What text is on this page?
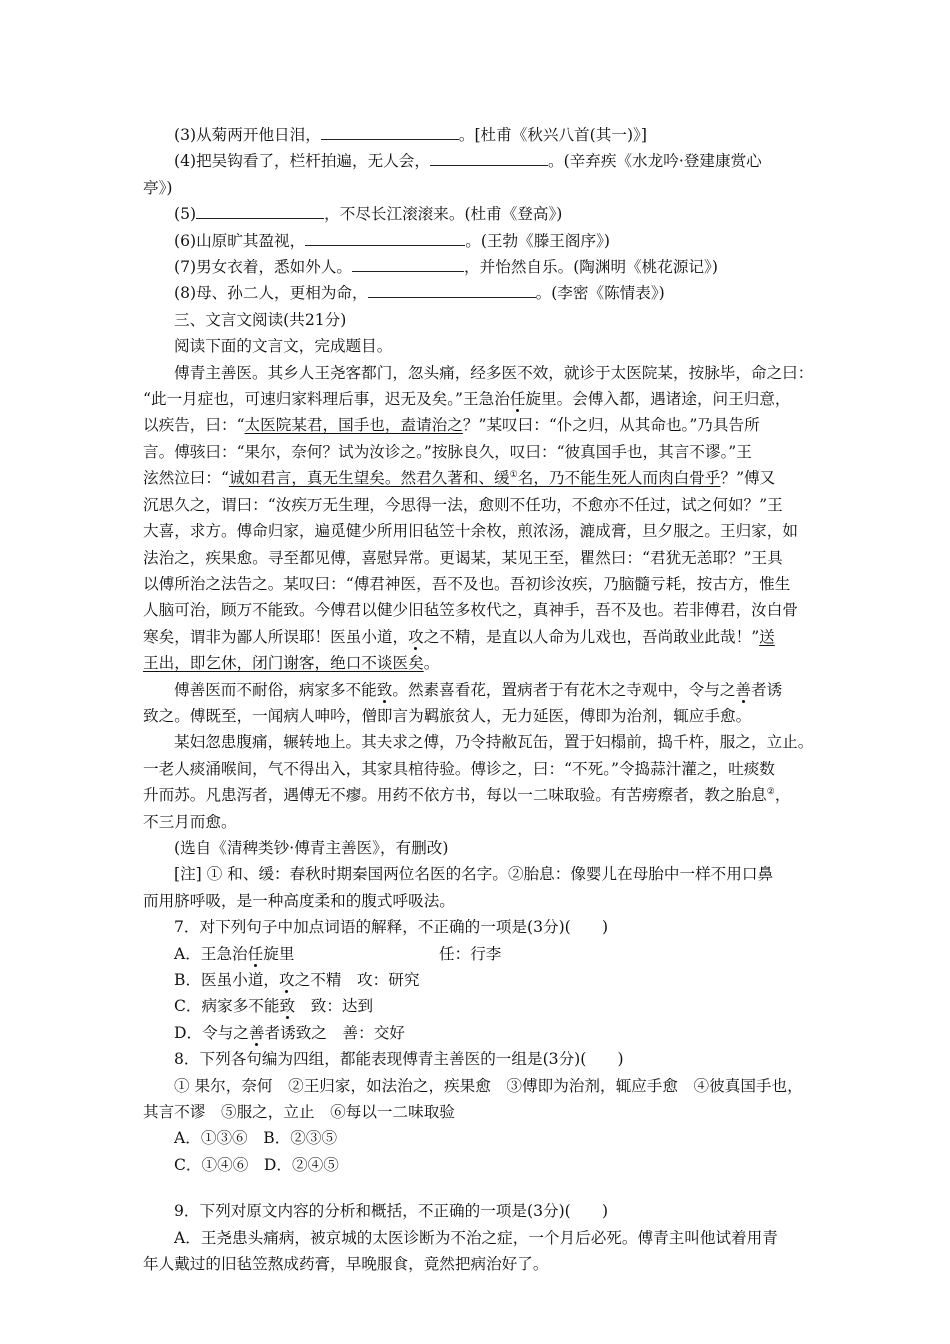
(3)从菊两开他日泪，	。[杜甫《秋兴八首(其一)》]
(4)把吴钩看了，栏杆拍遍，无人会，	。(辛弃疾《水龙吟·登建康赏心
亭》)
(5)	，不尽长江滚滚来。(杜甫《登高》)
(6)山原旷其盈视，	。(王勃《滕王阁序》)
(7)男女衣着，悉如外人。	，并怡然自乐。(陶渊明《桃花源记》)
(8)母、孙二人，更相为命，	。(李密《陈情表》)
三、文言文阅读(共21分)
阅读下面的文言文，完成题目。
傅青主善医。其乡人王尧客都门，忽头痛，经多医不效，就诊于太医院某，按脉毕，命之曰：
“此一月症也，可速归家料理后事，迟无及矣。”王急治任旋里。会傅入都，遇诸途，问王归意，
以疾告，曰：“太医院某君，国手也，盍请治之？”某叹曰：“仆之归，从其命也。”乃具告所
言。傅骇曰：“果尔，奈何？试为汝诊之。”按脉良久，叹曰：“彼真国手也，其言不谬。”王
泫然泣曰：“诚如君言，真无生望矣。然君久著和、缓①名，乃不能生死人而肉白骨乎？”傅又
沉思久之，谓曰：“汝疾万无生理，今思得一法，愈则不任功，不愈亦不任过，试之何如？”王
大喜，求方。傅命归家，遍觅健少所用旧毡笠十余枚，煎浓汤，漉成膏，旦夕服之。王归家，如
法治之，疾果愈。寻至都见傅，喜慰异常。更谒某，某见王至，瞿然曰：“君犹无恙耶？”王具
以傅所治之法告之。某叹曰：“傅君神医，吾不及也。吾初诊汝疾，乃脑髓亏耗，按古方，惟生
人脑可治，顾万不能致。今傅君以健少旧毡笠多枚代之，真神手，吾不及也。若非傅君，汝白骨
寒矣，谓非为鄙人所误耶！医虽小道，攻之不精，是直以人命为儿戏也，吾尚敢业此哉！”送
王出，即乞休，闭门谢客，绝口不谈医矣。
傅善医而不耐俗，病家多不能致。然素喜看花，置病者于有花木之寺观中，令与之善者诱
致之。傅既至，一闻病人呻吟，僧即言为羁旅贫人，无力延医，傅即为治剂，辄应手愈。
某妇忽患腹痛，辗转地上。其夫求之傅，乃令持敝瓦缶，置于妇榻前，捣千杵，服之，立止。
一老人痰涌喉间，气不得出入，其家具棺待验。傅诊之，曰：“不死。”令捣蒜汁灌之，吐痰数
升而苏。凡患泻者，遇傅无不瘳。用药不依方书，每以一二味取验。有苦痨瘵者，教之胎息②，
不三月而愈。
(选自《清稗类钞·傅青主善医》，有删改)
[注] ① 和、缓：春秋时期秦国两位名医的名字。②胎息：像婴儿在母胎中一样不用口鼻
而用脐呼吸，是一种高度柔和的腹式呼吸法。
7．对下列句子中加点词语的解释，不正确的一项是(3分)(　　)
A．王急治任旋里	任：行李
B．医虽小道，攻之不精　 攻：研究
C．病家多不能致　 致：达到
D．令与之善者诱致之　 善：交好
8．下列各句编为四组，都能表现傅青主善医的一组是(3分)(　　)
① 果尔，奈何　②王归家，如法治之，疾果愈　③傅即为治剂，辄应手愈　④彼真国手也，
其言不谬　⑤服之，立止　⑥每以一二味取验
A．①③⑥　 B．②③⑤
C．①④⑥　 D．②④⑤
9．下列对原文内容的分析和概括，不正确的一项是(3分)(　　)
A．王尧患头痛病，被京城的太医诊断为不治之症，一个月后必死。傅青主叫他试着用青
年人戴过的旧毡笠熬成药膏，早晚服食，竟然把病治好了。
